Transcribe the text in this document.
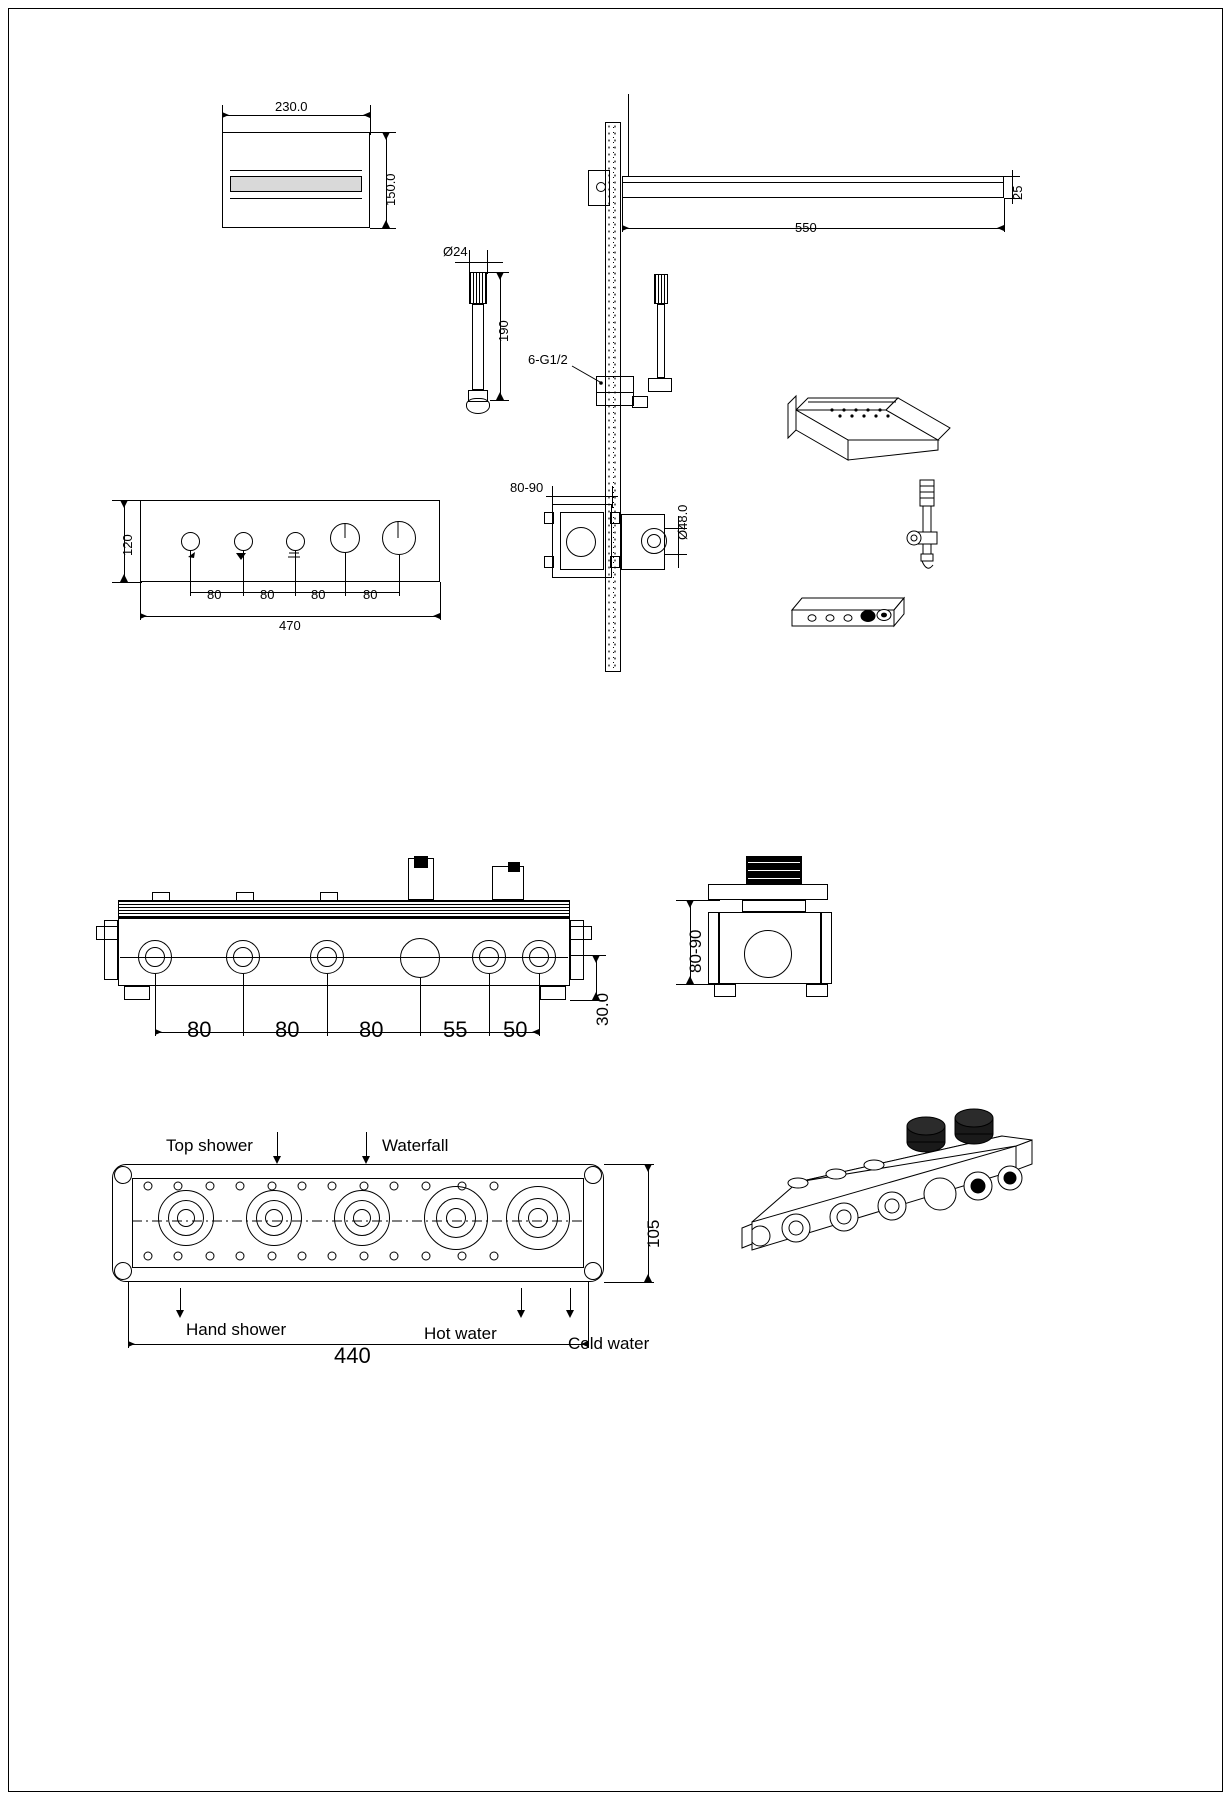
230.0
150.0
Ø24
190
120
80	80	80	80
470
550
25
6-G1/2
80-90
Ø48.0
80	80	80	55 50
30.0
80-90
105
440
Top shower	Waterfall
Hand shower	Hot water
Cold water
